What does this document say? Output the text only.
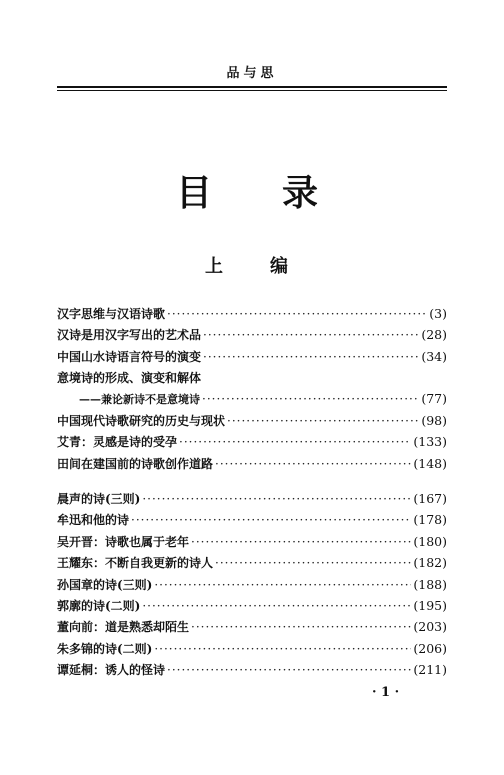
品与思
目 录
上	编
汉字思维与汉语诗歌 ·····	(3)
汉诗是用汉字写出的艺术品 ·····	(28)
中国山水诗语言符号的演变 ·····	(34)
意境诗的形成、演变和解体
——兼论新诗不是意境诗 ·····	(77)
中国现代诗歌研究的历史与现状 ·····	(98)
艾青：灵感是诗的受孕 ·····	(133)
田间在建国前的诗歌创作道路 ·····	(148)
晨声的诗(三则) ·····	(167)
牟迅和他的诗 ·····	(178)
吴开晋：诗歌也属于老年 ·····	(180)
王耀东：不断自我更新的诗人 ·····	(182)
孙国章的诗(三则) ·····	(188)
郭廓的诗(二则) ·····	(195)
董向前：道是熟悉却陌生 ·····	(203)
朱多锦的诗(二则) ·····	(206)
谭延桐：诱人的怪诗 ·····	(211)
· 1 ·
